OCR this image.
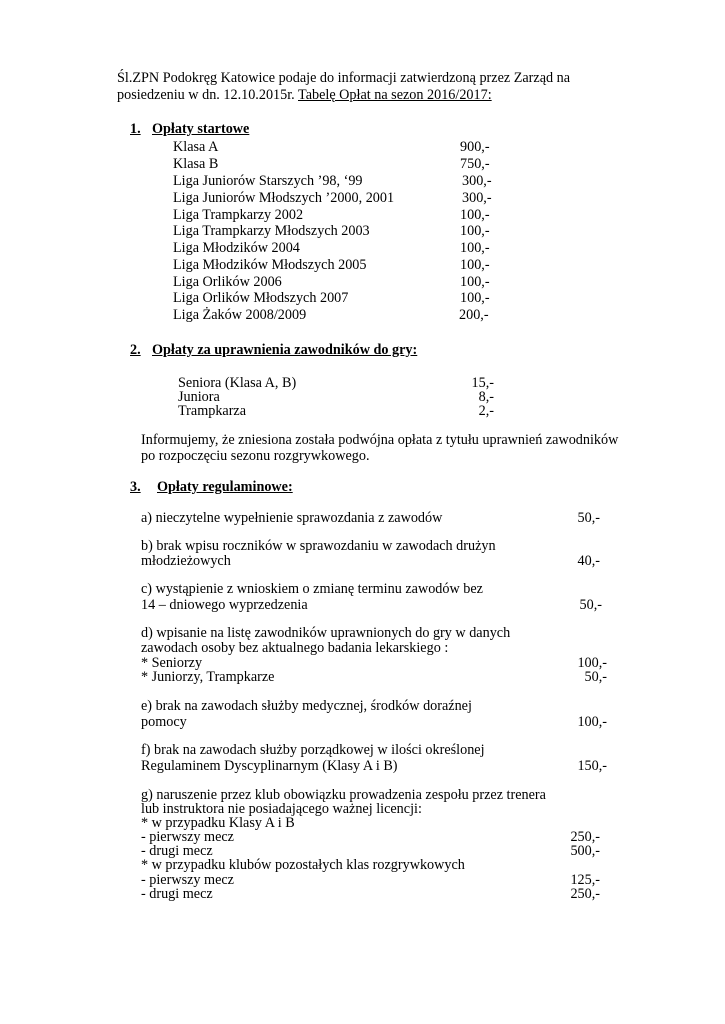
Śl.ZPN Podokręg Katowice podaje do informacji zatwierdzoną przez Zarząd na
posiedzeniu w dn. 12.10.2015r. Tabelę Opłat na sezon 2016/2017:
1. Opłaty startowe
Klasa A	900,-
Klasa B	750,-
Liga Juniorów Starszych ’98, ‘99	300,-
Liga Juniorów Młodszych ’2000, 2001	300,-
Liga Trampkarzy 2002	100,-
Liga Trampkarzy Młodszych 2003	100,-
Liga Młodzików 2004	100,-
Liga Młodzików Młodszych 2005	100,-
Liga Orlików 2006	100,-
Liga Orlików Młodszych 2007	100,-
Liga Żaków 2008/2009	200,-
2. Opłaty za uprawnienia zawodników do gry:
Seniora (Klasa A, B)	15,-
Juniora	8,-
Trampkarza	2,-
Informujemy, że zniesiona została podwójna opłata z tytułu uprawnień zawodników
po rozpoczęciu sezonu rozgrywkowego.
3. Opłaty regulaminowe:
a) nieczytelne wypełnienie sprawozdania z zawodów	50,-
b) brak wpisu roczników w sprawozdaniu w zawodach drużyn
młodzieżowych	40,-
c) wystąpienie z wnioskiem o zmianę terminu zawodów bez
14 – dniowego wyprzedzenia	50,-
d) wpisanie na listę zawodników uprawnionych do gry w danych
zawodach osoby bez aktualnego badania lekarskiego :
* Seniorzy	100,-
* Juniorzy, Trampkarze	50,-
e) brak na zawodach służby medycznej, środków doraźnej
pomocy	100,-
f) brak na zawodach służby porządkowej w ilości określonej
Regulaminem Dyscyplinarnym (Klasy A i B)	150,-
g) naruszenie przez klub obowiązku prowadzenia zespołu przez trenera
lub instruktora nie posiadającego ważnej licencji:
* w przypadku Klasy A i B
- pierwszy mecz	250,-
- drugi mecz	500,-
* w przypadku klubów pozostałych klas rozgrywkowych
- pierwszy mecz	125,-
- drugi mecz	250,-
